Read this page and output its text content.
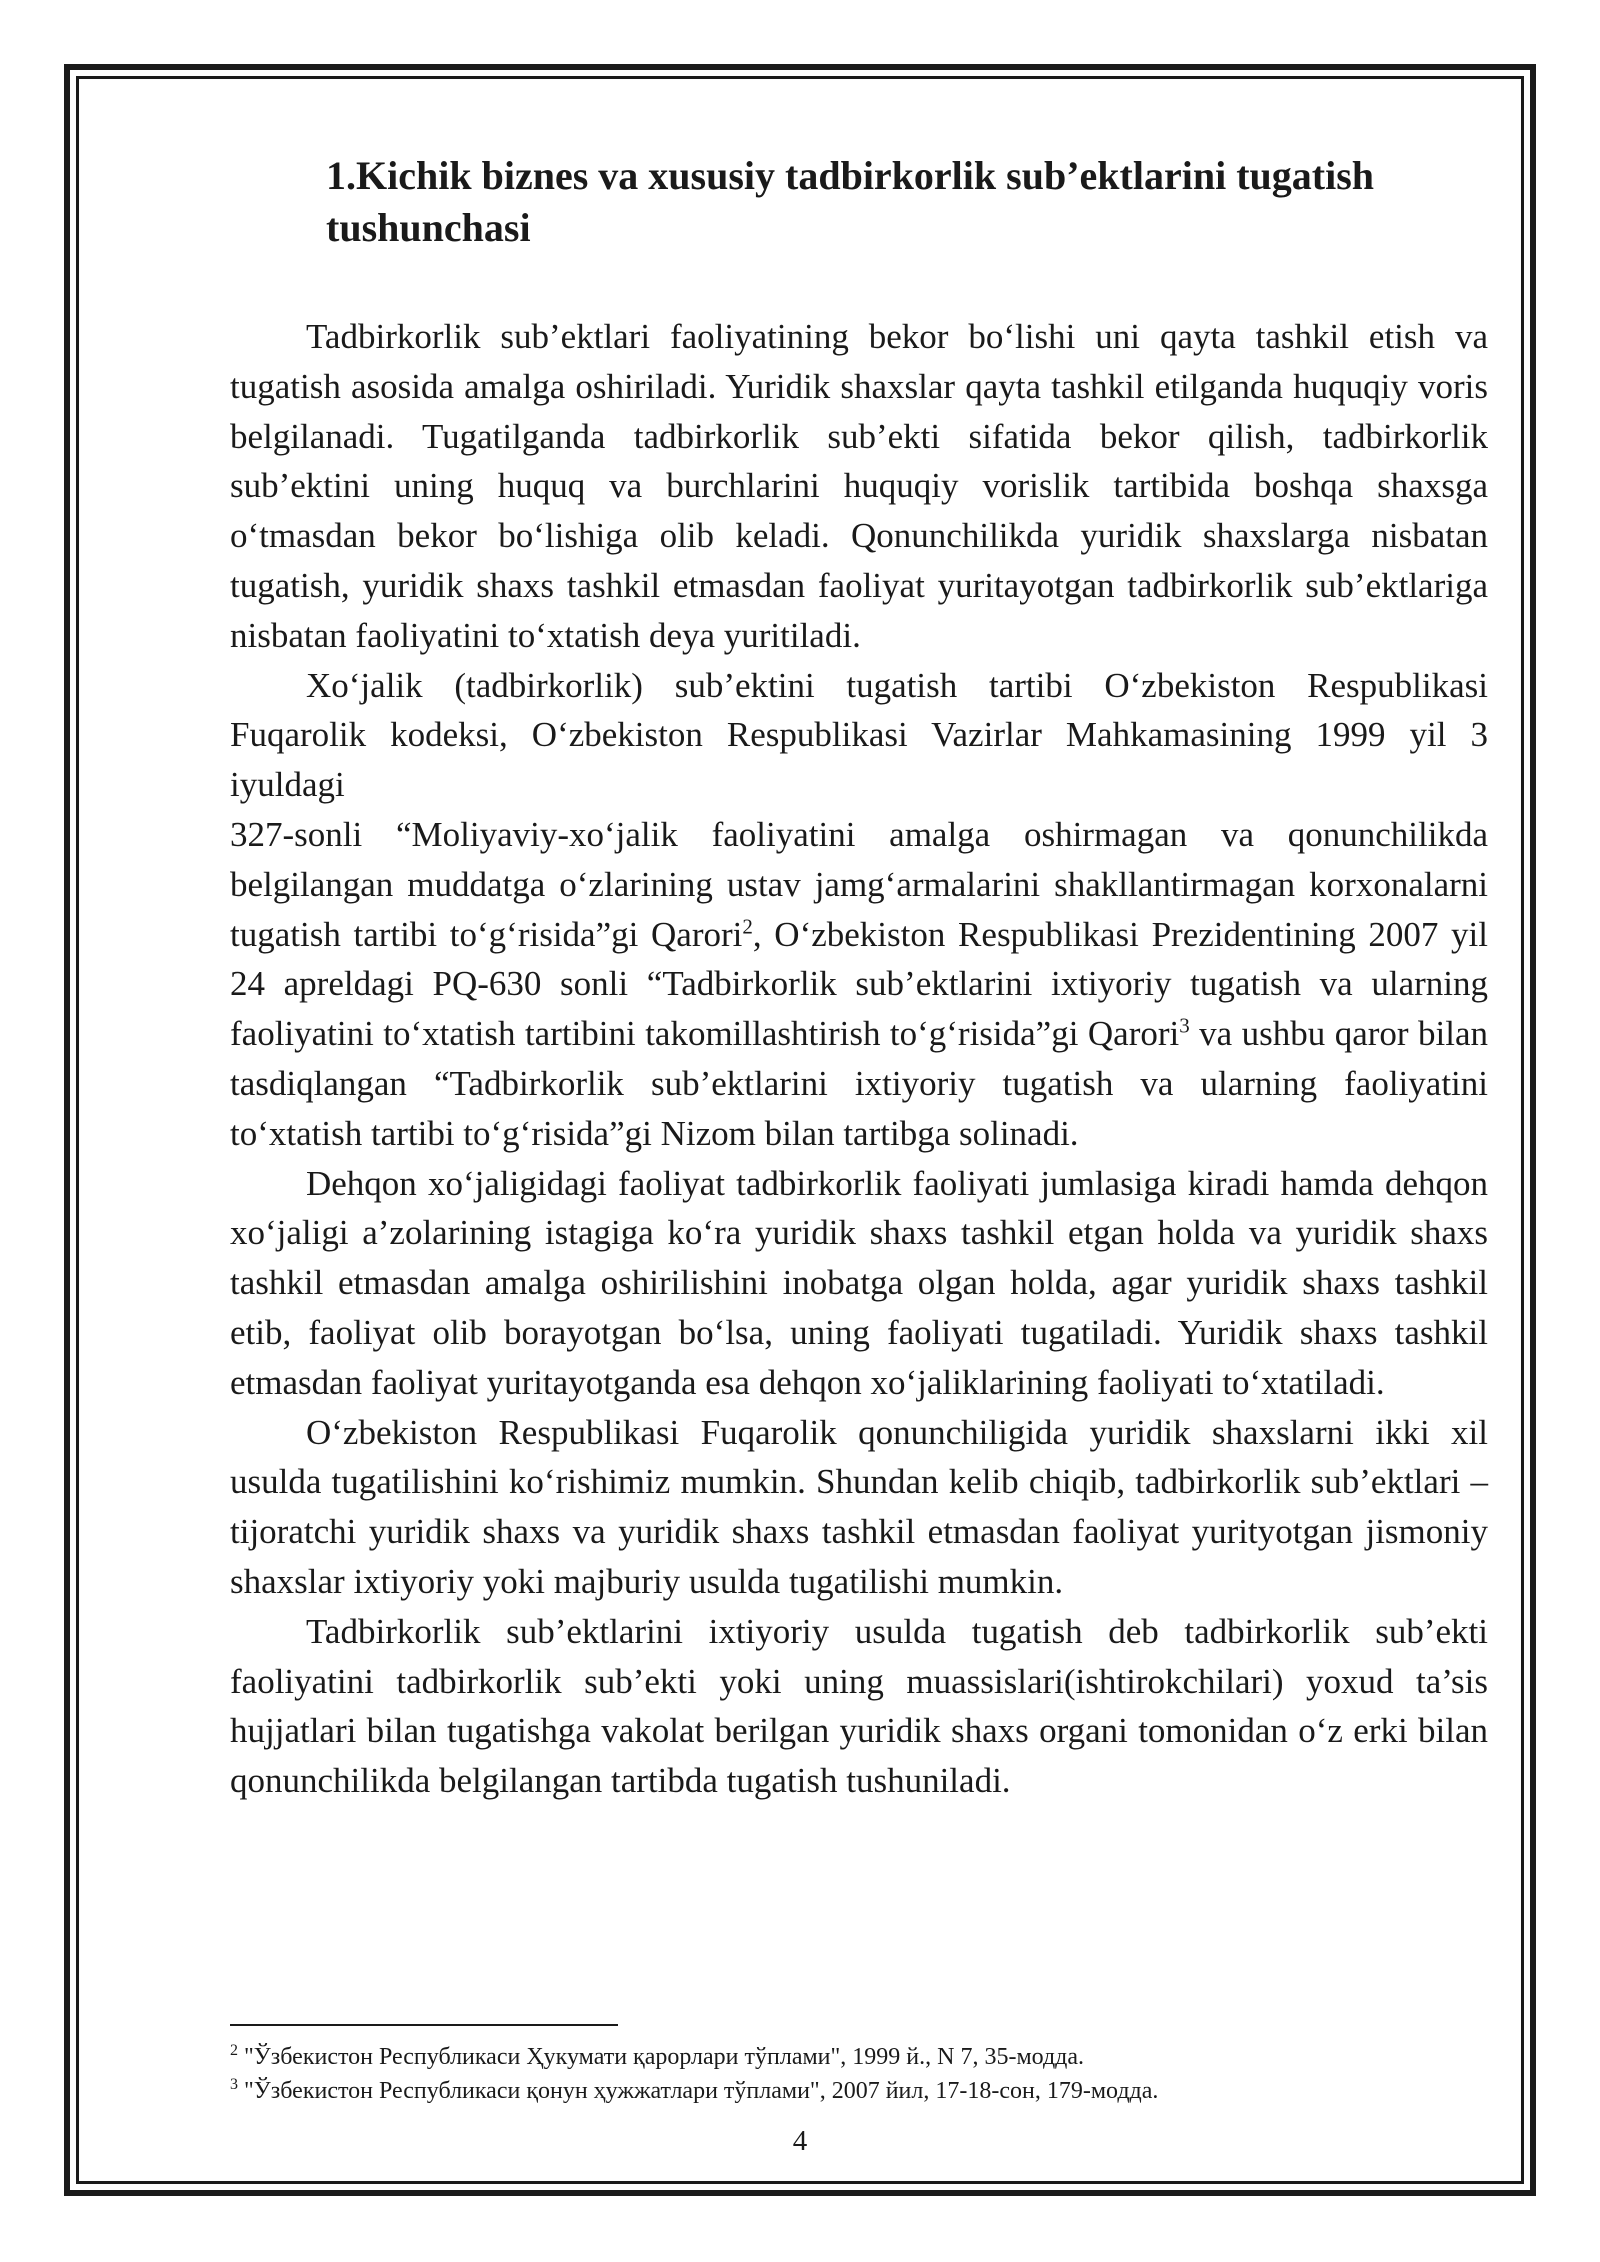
1.Kichik biznes va xususiy tadbirkorlik sub’ektlarini tugatish tushunchasi

Tadbirkorlik sub’ektlari faoliyatining bekor bo‘lishi uni qayta tashkil etish va tugatish asosida amalga oshiriladi. Yuridik shaxslar qayta tashkil etilganda huquqiy voris belgilanadi. Tugatilganda tadbirkorlik sub’ekti sifatida bekor qilish, tadbirkorlik sub’ektini uning huquq va burchlarini huquqiy vorislik tartibida boshqa shaxsga o‘tmasdan bekor bo‘lishiga olib keladi. Qonunchilikda yuridik shaxslarga nisbatan tugatish, yuridik shaxs tashkil etmasdan faoliyat yuritayotgan tadbirkorlik sub’ektlariga nisbatan faoliyatini to‘xtatish deya yuritiladi.

Xo‘jalik (tadbirkorlik) sub’ektini tugatish tartibi O‘zbekiston Respublikasi Fuqarolik kodeksi, O‘zbekiston Respublikasi Vazirlar Mahkamasining 1999 yil 3 iyuldagi

327-sonli “Moliyaviy-xo‘jalik faoliyatini amalga oshirmagan va qonunchilikda belgilangan muddatga o‘zlarining ustav jamg‘armalarini shakllantirmagan korxonalarni tugatish tartibi to‘g‘risida”gi Qarori$^2$, O‘zbekiston Respublikasi Prezidentining 2007 yil 24 apreldagi PQ-630 sonli “Tadbirkorlik sub’ektlarini ixtiyoriy tugatish va ularning faoliyatini to‘xtatish tartibini takomillashtirish to‘g‘risida”gi Qarori$^3$ va ushbu qaror bilan tasdiqlangan “Tadbirkorlik sub’ektlarini ixtiyoriy tugatish va ularning faoliyatini to‘xtatish tartibi to‘g‘risida”gi Nizom bilan tartibga solinadi.

Dehqon xo‘jaligidagi faoliyat tadbirkorlik faoliyati jumlasiga kiradi hamda dehqon xo‘jaligi a’zolarining istagiga ko‘ra yuridik shaxs tashkil etgan holda va yuridik shaxs tashkil etmasdan amalga oshirilishini inobatga olgan holda, agar yuridik shaxs tashkil etib, faoliyat olib borayotgan bo‘lsa, uning faoliyati tugatiladi. Yuridik shaxs tashkil etmasdan faoliyat yuritayotganda esa dehqon xo‘jaliklarining faoliyati to‘xtatiladi.

O‘zbekiston Respublikasi Fuqarolik qonunchiligida yuridik shaxslarni ikki xil usulda tugatilishini ko‘rishimiz mumkin. Shundan kelib chiqib, tadbirkorlik sub’ektlari – tijoratchi yuridik shaxs va yuridik shaxs tashkil etmasdan faoliyat yurityotgan jismoniy shaxslar ixtiyoriy yoki majburiy usulda tugatilishi mumkin.

Tadbirkorlik sub’ektlarini ixtiyoriy usulda tugatish deb tadbirkorlik sub’ekti faoliyatini tadbirkorlik sub’ekti yoki uning muassislari(ishtirokchilari) yoxud ta’sis hujjatlari bilan tugatishga vakolat berilgan yuridik shaxs organi tomonidan o‘z erki bilan qonunchilikda belgilangan tartibda tugatish tushuniladi.

$^2$ "Ўзбекистон Республикаси Ҳукумати қарорлари тўплами", 1999 й., N 7, 35-модда.

$^3$ "Ўзбекистон Республикаси қонун ҳужжатлари тўплами", 2007 йил, 17-18-сон, 179-модда.

4
